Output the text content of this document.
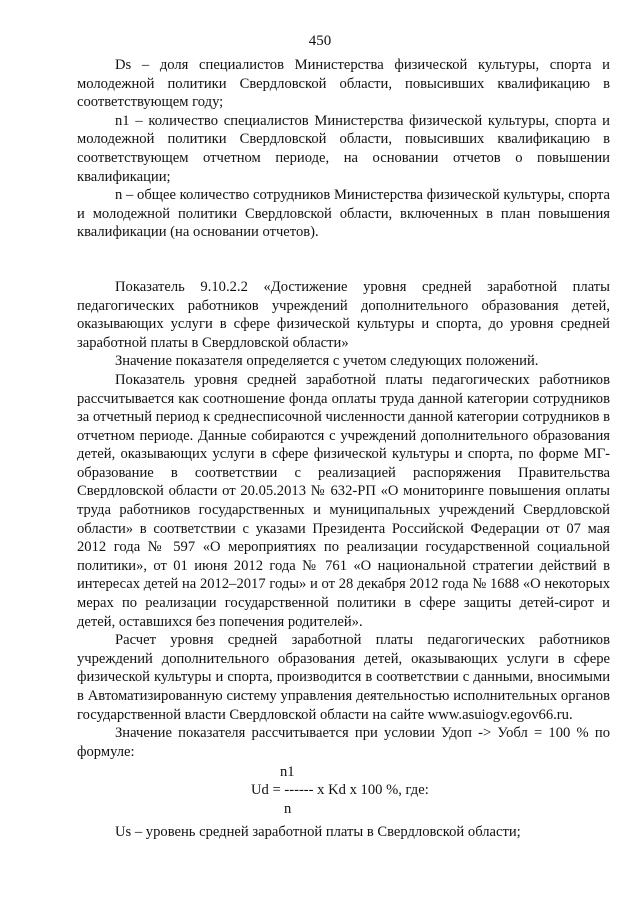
450

Ds – доля специалистов Министерства физической культуры, спорта и молодежной политики Свердловской области, повысивших квалификацию в соответствующем году;

n1 – количество специалистов Министерства физической культуры, спорта и молодежной политики Свердловской области, повысивших квалификацию в соответствующем отчетном периоде, на основании отчетов о повышении квалификации;

n – общее количество сотрудников Министерства физической культуры, спорта и молодежной политики Свердловской области, включенных в план повышения квалификации (на основании отчетов).

Показатель 9.10.2.2 «Достижение уровня средней заработной платы педагогических работников учреждений дополнительного образования детей, оказывающих услуги в сфере физической культуры и спорта, до уровня средней заработной платы в Свердловской области»

Значение показателя определяется с учетом следующих положений.

Показатель уровня средней заработной платы педагогических работников рассчитывается как соотношение фонда оплаты труда данной категории сотрудников за отчетный период к среднесписочной численности данной категории сотрудников в отчетном периоде. Данные собираются с учреждений дополнительного образования детей, оказывающих услуги в сфере физической культуры и спорта, по форме МГ-образование в соответствии с реализацией распоряжения Правительства Свердловской области от 20.05.2013 № 632-РП «О мониторинге повышения оплаты труда работников государственных и муниципальных учреждений Свердловской области» в соответствии с указами Президента Российской Федерации от 07 мая 2012 года № 597 «О мероприятиях по реализации государственной социальной политики», от 01 июня 2012 года № 761 «О национальной стратегии действий в интересах детей на 2012–2017 годы» и от 28 декабря 2012 года № 1688 «О некоторых мерах по реализации государственной политики в сфере защиты детей-сирот и детей, оставшихся без попечения родителей».

Расчет уровня средней заработной платы педагогических работников учреждений дополнительного образования детей, оказывающих услуги в сфере физической культуры и спорта, производится в соответствии с данными, вносимыми в Автоматизированную систему управления деятельностью исполнительных органов государственной власти Свердловской области на сайте www.asuiogv.egov66.ru.

Значение показателя рассчитывается при условии Удоп -> Уобл = 100 % по формуле:

n1
Ud = ------ х Kd х 100 %, где:
n

Us – уровень средней заработной платы в Свердловской области;
